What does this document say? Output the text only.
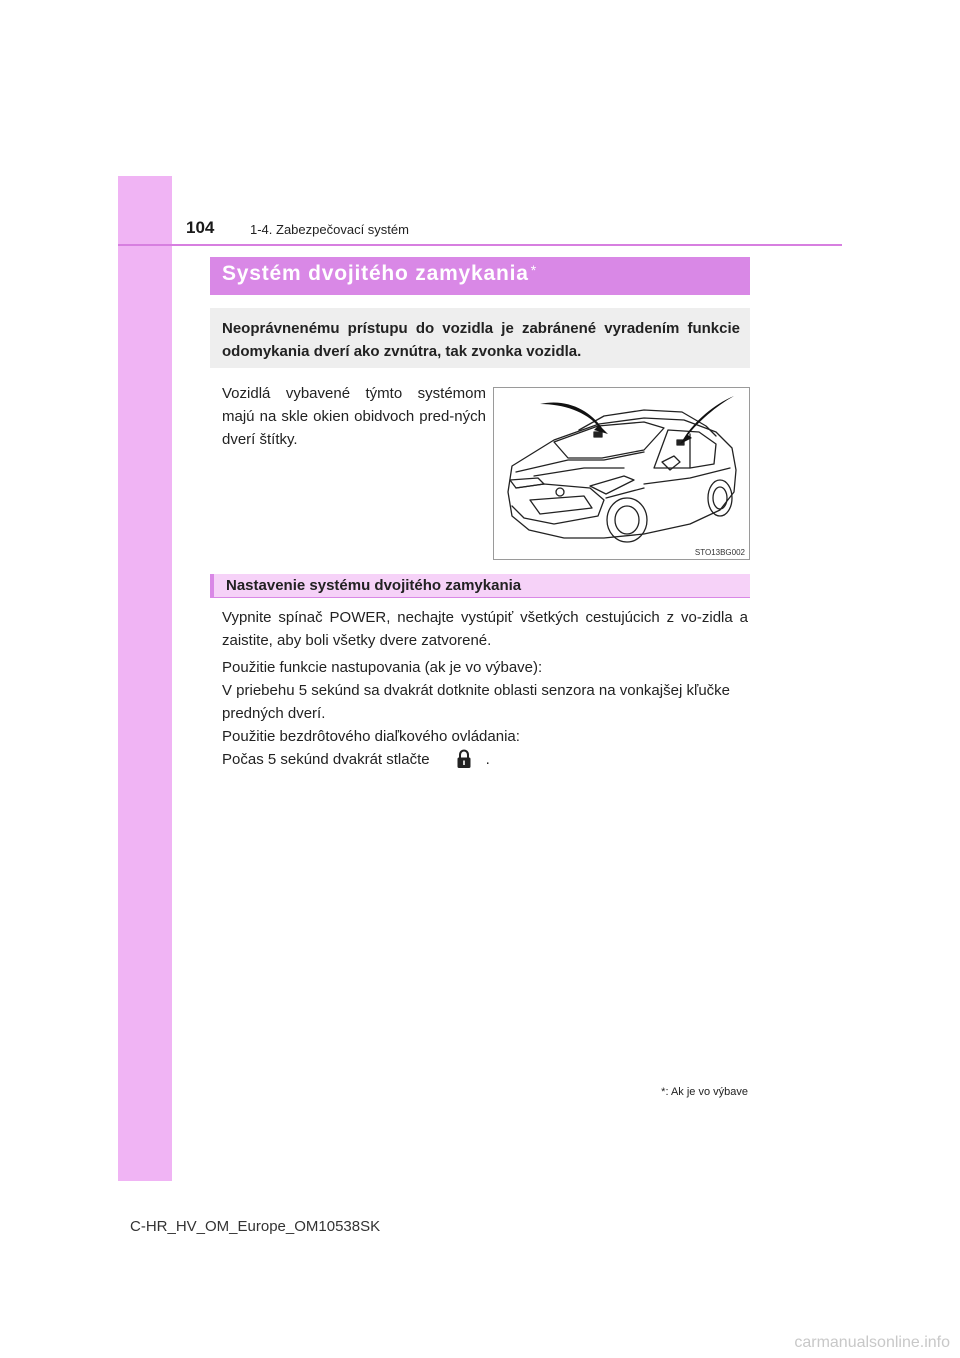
104	1-4. Zabezpečovací systém
Systém dvojitého zamykania *
Neoprávnenému prístupu do vozidla je zabránené vyradením funkcie odomykania dverí ako zvnútra, tak zvonka vozidla.
Vozidlá vybavené týmto systémom majú na skle okien obidvoch pred-ných dverí štítky.
STO13BG002
Nastavenie systému dvojitého zamykania
Vypnite spínač POWER, nechajte vystúpiť všetkých cestujúcich z vo-zidla a zaistite, aby boli všetky dvere zatvorené.
Použitie funkcie nastupovania (ak je vo výbave):
V priebehu 5 sekúnd sa dvakrát dotknite oblasti senzora na vonkajšej kľučke predných dverí.
Použitie bezdrôtového diaľkového ovládania:
Počas 5 sekúnd dvakrát stlačte	.
*: Ak je vo výbave
C-HR_HV_OM_Europe_OM10538SK
carmanualsonline.info
